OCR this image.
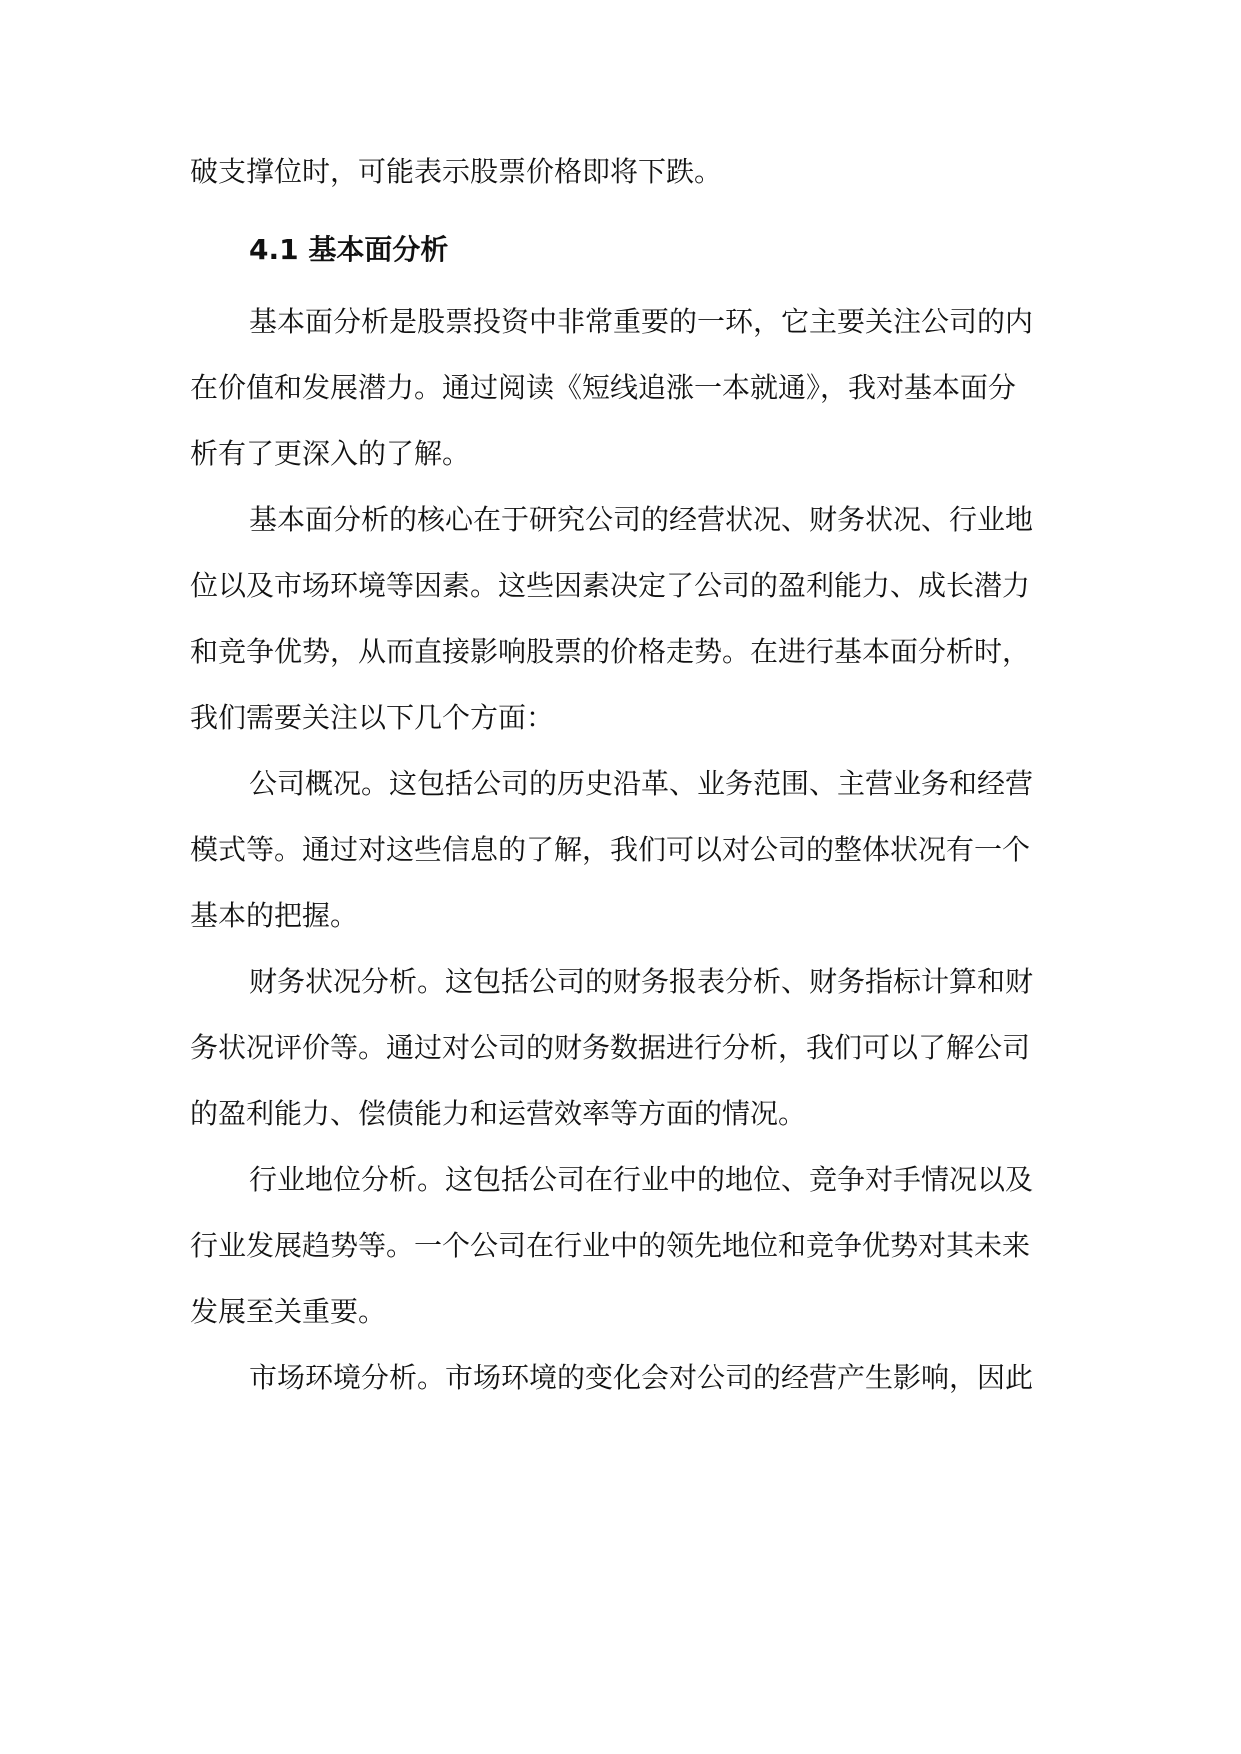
破支撑位时，可能表示股票价格即将下跌。

4.1 基本面分析

基本面分析是股票投资中非常重要的一环，它主要关注公司的内

在价值和发展潜力。通过阅读《短线追涨一本就通》，我对基本面分

析有了更深入的了解。

基本面分析的核心在于研究公司的经营状况、财务状况、行业地

位以及市场环境等因素。这些因素决定了公司的盈利能力、成长潜力

和竞争优势，从而直接影响股票的价格走势。在进行基本面分析时，

我们需要关注以下几个方面：

公司概况。这包括公司的历史沿革、业务范围、主营业务和经营

模式等。通过对这些信息的了解，我们可以对公司的整体状况有一个

基本的把握。

财务状况分析。这包括公司的财务报表分析、财务指标计算和财

务状况评价等。通过对公司的财务数据进行分析，我们可以了解公司

的盈利能力、偿债能力和运营效率等方面的情况。

行业地位分析。这包括公司在行业中的地位、竞争对手情况以及

行业发展趋势等。一个公司在行业中的领先地位和竞争优势对其未来

发展至关重要。

市场环境分析。市场环境的变化会对公司的经营产生影响，因此
